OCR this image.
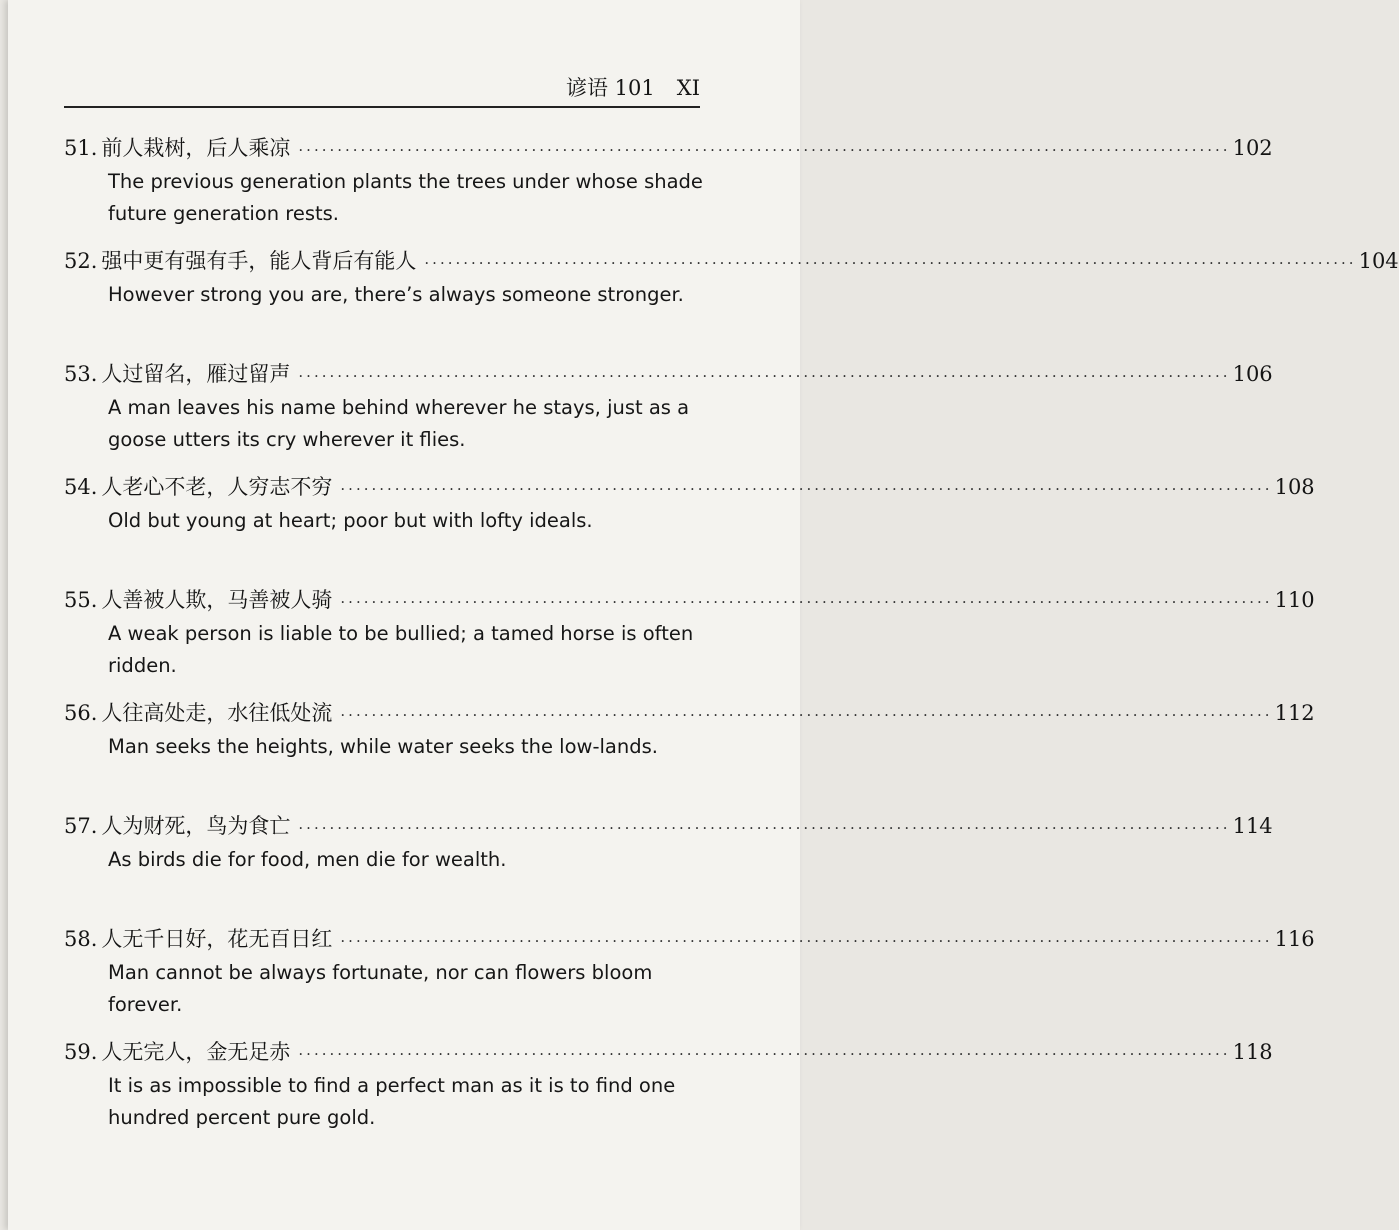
谚语 101 XI
51. 前人栽树，后人乘凉 ························································································································ 102
The previous generation plants the trees under whose shade future generation rests.
52. 强中更有强有手，能人背后有能人 ························································································································ 104
However strong you are, there’s always someone stronger.
53. 人过留名，雁过留声 ························································································································ 106
A man leaves his name behind wherever he stays, just as a goose utters its cry wherever it flies.
54. 人老心不老，人穷志不穷 ························································································································ 108
Old but young at heart; poor but with lofty ideals.
55. 人善被人欺，马善被人骑 ························································································································ 110
A weak person is liable to be bullied; a tamed horse is often ridden.
56. 人往高处走，水往低处流 ························································································································ 112
Man seeks the heights, while water seeks the low-lands.
57. 人为财死，鸟为食亡 ························································································································ 114
As birds die for food, men die for wealth.
58. 人无千日好，花无百日红 ························································································································ 116
Man cannot be always fortunate, nor can flowers bloom forever.
59. 人无完人，金无足赤 ························································································································ 118
It is as impossible to find a perfect man as it is to find one hundred percent pure gold.
